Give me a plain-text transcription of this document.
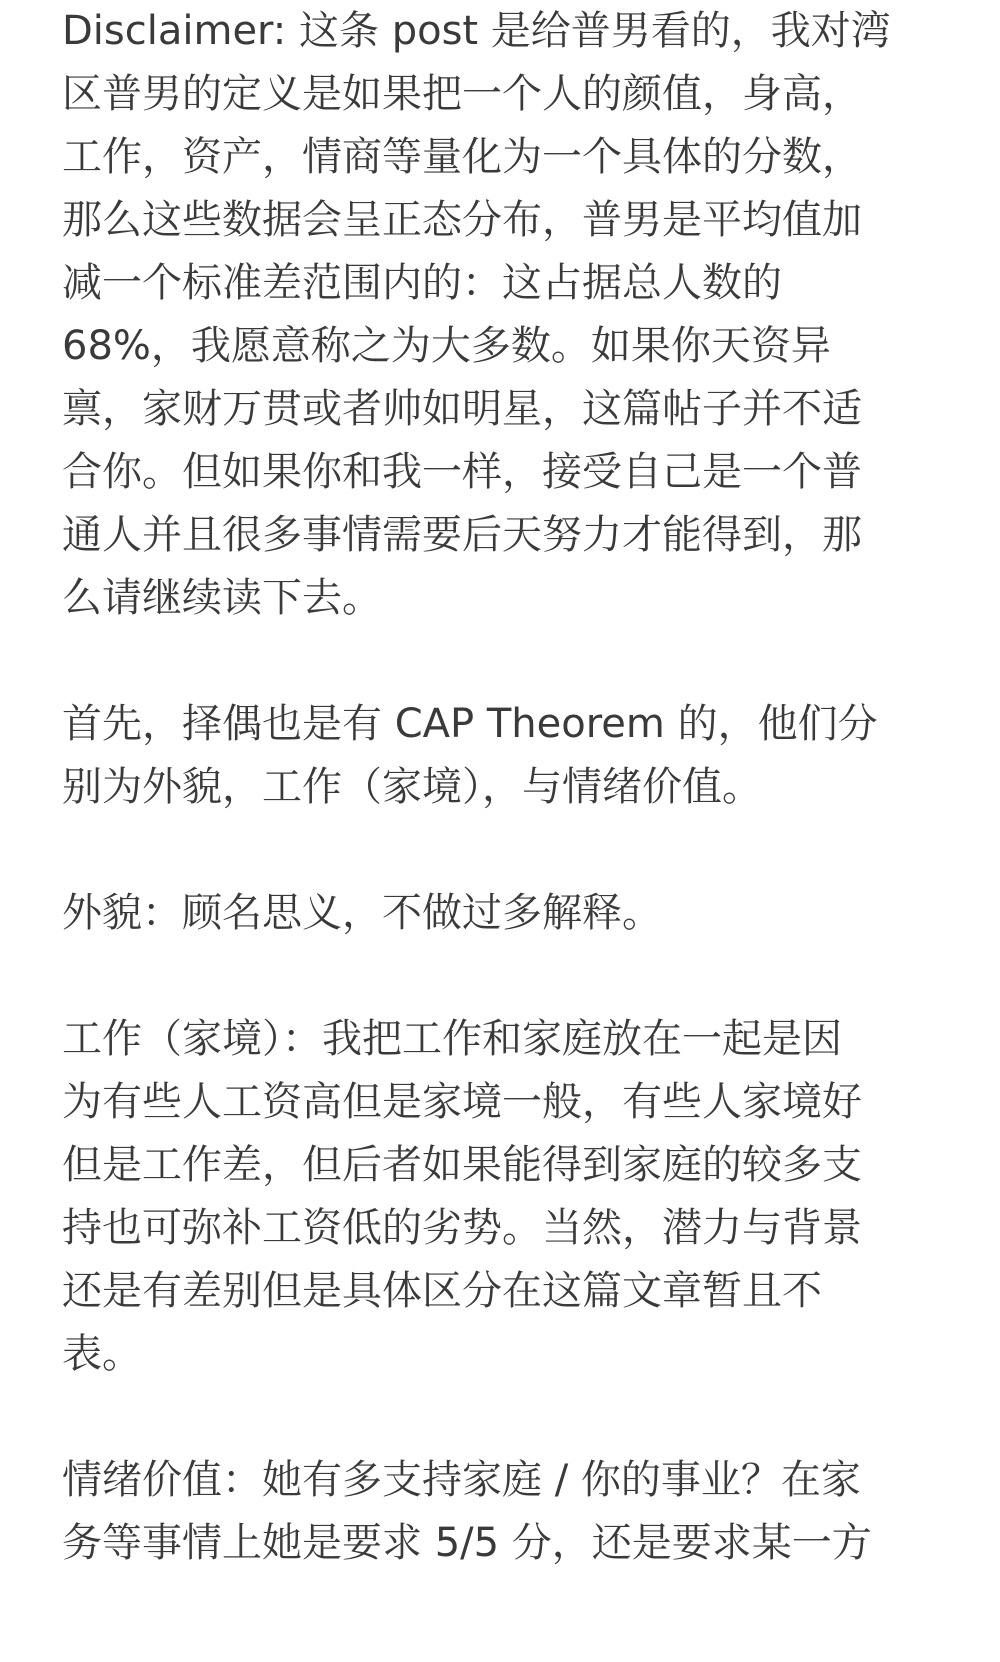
Disclaimer: 这条 post 是给普男看的，我对湾
区普男的定义是如果把一个人的颜值，身高，
工作，资产，情商等量化为一个具体的分数，
那么这些数据会呈正态分布，普男是平均值加
减一个标准差范围内的：这占据总人数的
68%，我愿意称之为大多数。如果你天资异
禀，家财万贯或者帅如明星，这篇帖子并不适
合你。但如果你和我一样，接受自己是一个普
通人并且很多事情需要后天努力才能得到，那
么请继续读下去。
首先，择偶也是有 CAP Theorem 的，他们分
别为外貌，工作（家境），与情绪价值。
外貌：顾名思义，不做过多解释。
工作（家境）：我把工作和家庭放在一起是因
为有些人工资高但是家境一般，有些人家境好
但是工作差，但后者如果能得到家庭的较多支
持也可弥补工资低的劣势。当然，潜力与背景
还是有差别但是具体区分在这篇文章暂且不
表。
情绪价值：她有多支持家庭 / 你的事业？在家
务等事情上她是要求 5/5 分，还是要求某一方
